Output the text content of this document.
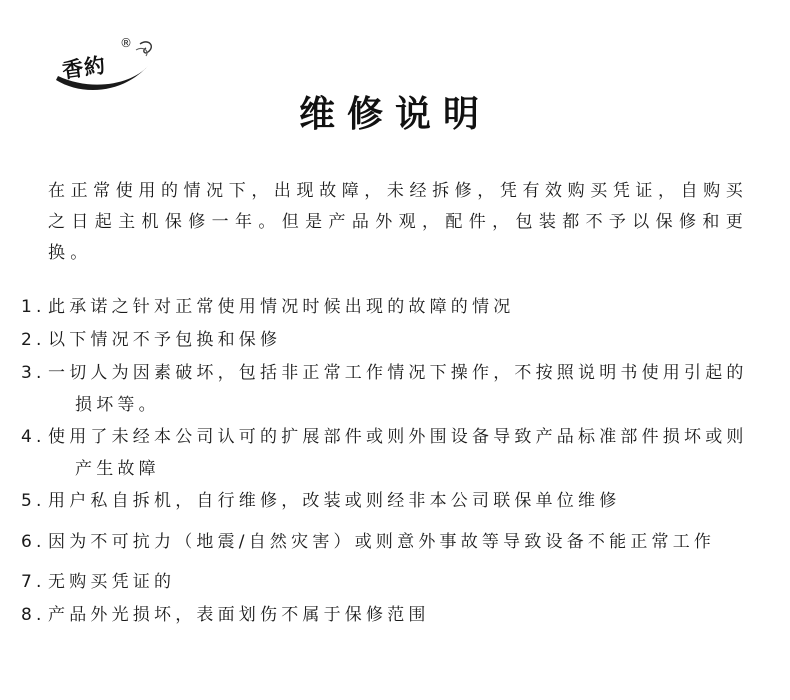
香約
®
维修说明

在正常使用的情况下，出现故障，未经拆修，凭有效购买凭证，自购买之日起主机保修一年。但是产品外观，配件，包装都不予以保修和更换。

1. 此承诺之针对正常使用情况时候出现的故障的情况
2. 以下情况不予包换和保修
3. 一切人为因素破坏，包括非正常工作情况下操作，不按照说明书使用引起的损坏等。
4. 使用了未经本公司认可的扩展部件或则外围设备导致产品标准部件损坏或则产生故障
5. 用户私自拆机，自行维修，改装或则经非本公司联保单位维修
6. 因为不可抗力（地震/自然灾害）或则意外事故等导致设备不能正常工作
7. 无购买凭证的
8. 产品外光损坏，表面划伤不属于保修范围
